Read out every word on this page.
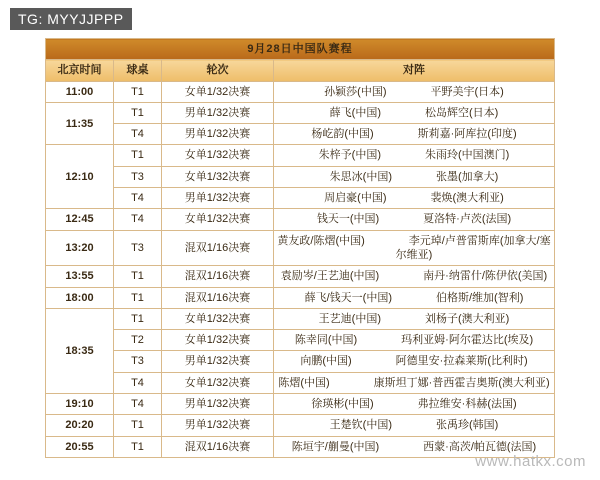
TG: MYYJJPPP
9月28日中国队赛程			
北京时间	球桌	轮次	对阵
11:00	T1	女单1/32决赛	孙颖莎(中国)　　　　平野美宇(日本)
11:35	T1	男单1/32决赛	薛飞(中国)　　　　松岛辉空(日本)
	T4	男单1/32决赛	杨屹韵(中国)　　　　斯莉嘉·阿库拉(印度)
12:10	T1	女单1/32决赛	朱梓予(中国)　　　　朱雨玲(中国澳门)
	T3	女单1/32决赛	朱思冰(中国)　　　　张墨(加拿大)
	T4	男单1/32决赛	周启豪(中国)　　　　裴焕(澳大利亚)
12:45	T4	女单1/32决赛	钱天一(中国)　　　　夏洛特·卢茨(法国)
13:20	T3	混双1/16决赛	黄友政/陈熠(中国)　　　　李元琸/卢普雷斯库(加拿大/塞尔维亚)
13:55	T1	混双1/16决赛	袁励岑/王艺迪(中国)　　　　南丹·纳雷什/陈伊依(美国)
18:00	T1	混双1/16决赛	薛飞/钱天一(中国)　　　　伯格斯/维加(智利)
18:35	T1	女单1/32决赛	王艺迪(中国)　　　　刘杨子(澳大利亚)
	T2	女单1/32决赛	陈幸同(中国)　　　　玛利亚姆·阿尔霍达比(埃及)
	T3	男单1/32决赛	向鹏(中国)　　　　阿德里安·拉森莱斯(比利时)
	T4	女单1/32决赛	陈熠(中国)　　　　康斯坦丁娜·普西霍吉奥斯(澳大利亚)
19:10	T4	男单1/32决赛	徐瑛彬(中国)　　　　弗拉维安·科赫(法国)
20:20	T1	男单1/32决赛	王楚钦(中国)　　　　张禹珍(韩国)
20:55	T1	混双1/16决赛	陈垣宇/蒯曼(中国)　　　　西蒙·高茨/帕瓦德(法国)
www.hatkx.com
